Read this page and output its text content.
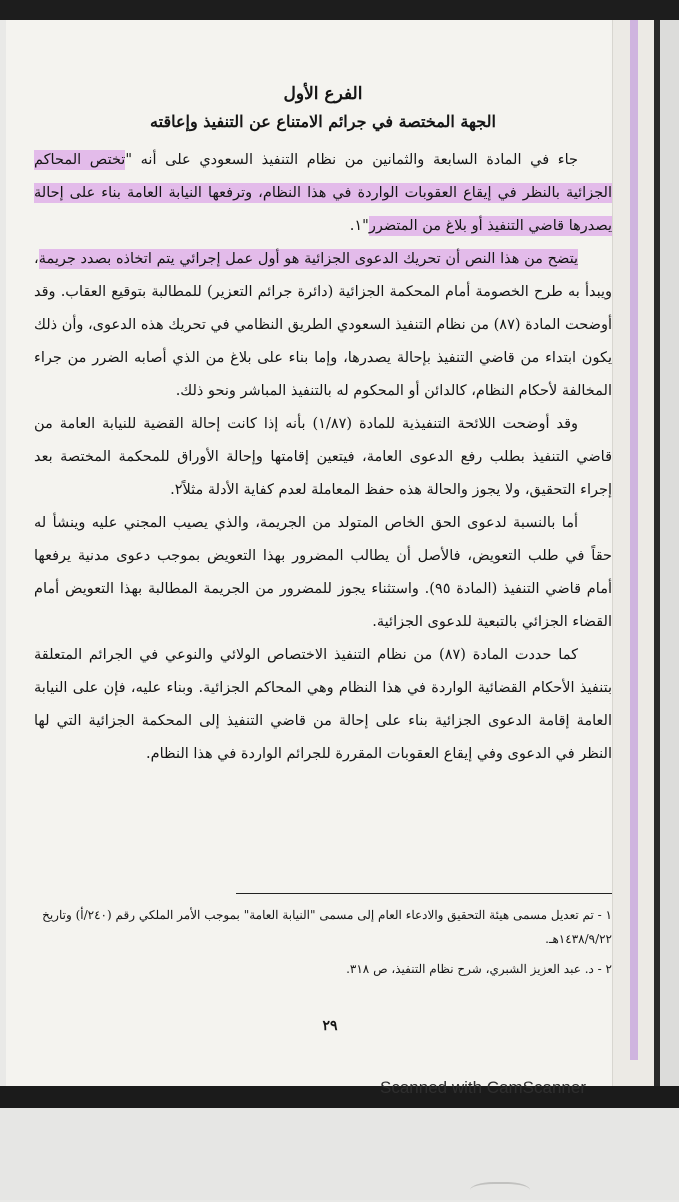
الفرع الأول
الجهة المختصة في جرائم الامتناع عن التنفيذ وإعاقته

جاء في المادة السابعة والثمانين من نظام التنفيذ السعودي على أنه "تختص المحاكم الجزائية بالنظر في إيقاع العقوبات الواردة في هذا النظام، وترفعها النيابة العامة بناء على إحالة يصدرها قاضي التنفيذ أو بلاغ من المتضرر"١.

يتضح من هذا النص أن تحريك الدعوى الجزائية هو أول عمل إجرائي يتم اتخاذه بصدد جريمة، ويبدأ به طرح الخصومة أمام المحكمة الجزائية (دائرة جرائم التعزير) للمطالبة بتوقيع العقاب. وقد أوضحت المادة (٨٧) من نظام التنفيذ السعودي الطريق النظامي في تحريك هذه الدعوى، وأن ذلك يكون ابتداء من قاضي التنفيذ بإحالة يصدرها، وإما بناء على بلاغ من الذي أصابه الضرر من جراء المخالفة لأحكام النظام، كالدائن أو المحكوم له بالتنفيذ المباشر ونحو ذلك.

وقد أوضحت اللائحة التنفيذية للمادة (١/٨٧) بأنه إذا كانت إحالة القضية للنيابة العامة من قاضي التنفيذ بطلب رفع الدعوى العامة، فيتعين إقامتها وإحالة الأوراق للمحكمة المختصة بعد إجراء التحقيق، ولا يجوز والحالة هذه حفظ المعاملة لعدم كفاية الأدلة مثلاً٢.

أما بالنسبة لدعوى الحق الخاص المتولد من الجريمة، والذي يصيب المجني عليه وينشأ له حقاً في طلب التعويض، فالأصل أن يطالب المضرور بهذا التعويض بموجب دعوى مدنية يرفعها أمام قاضي التنفيذ (المادة ٩٥). واستثناء يجوز للمضرور من الجريمة المطالبة بهذا التعويض أمام القضاء الجزائي بالتبعية للدعوى الجزائية.

كما حددت المادة (٨٧) من نظام التنفيذ الاختصاص الولائي والنوعي في الجرائم المتعلقة بتنفيذ الأحكام القضائية الواردة في هذا النظام وهي المحاكم الجزائية. وبناء عليه، فإن على النيابة العامة إقامة الدعوى الجزائية بناء على إحالة من قاضي التنفيذ إلى المحكمة الجزائية التي لها النظر في الدعوى وفي إيقاع العقوبات المقررة للجرائم الواردة في هذا النظام.

١ - تم تعديل مسمى هيئة التحقيق والادعاء العام إلى مسمى "النيابة العامة" بموجب الأمر الملكي رقم (٢٤٠/أ) وتاريخ ١٤٣٨/٩/٢٢هـ.

٢ - د. عبد العزيز الشبري، شرح نظام التنفيذ، ص ٣١٨.

٢٩
Scanned with CamScanner
